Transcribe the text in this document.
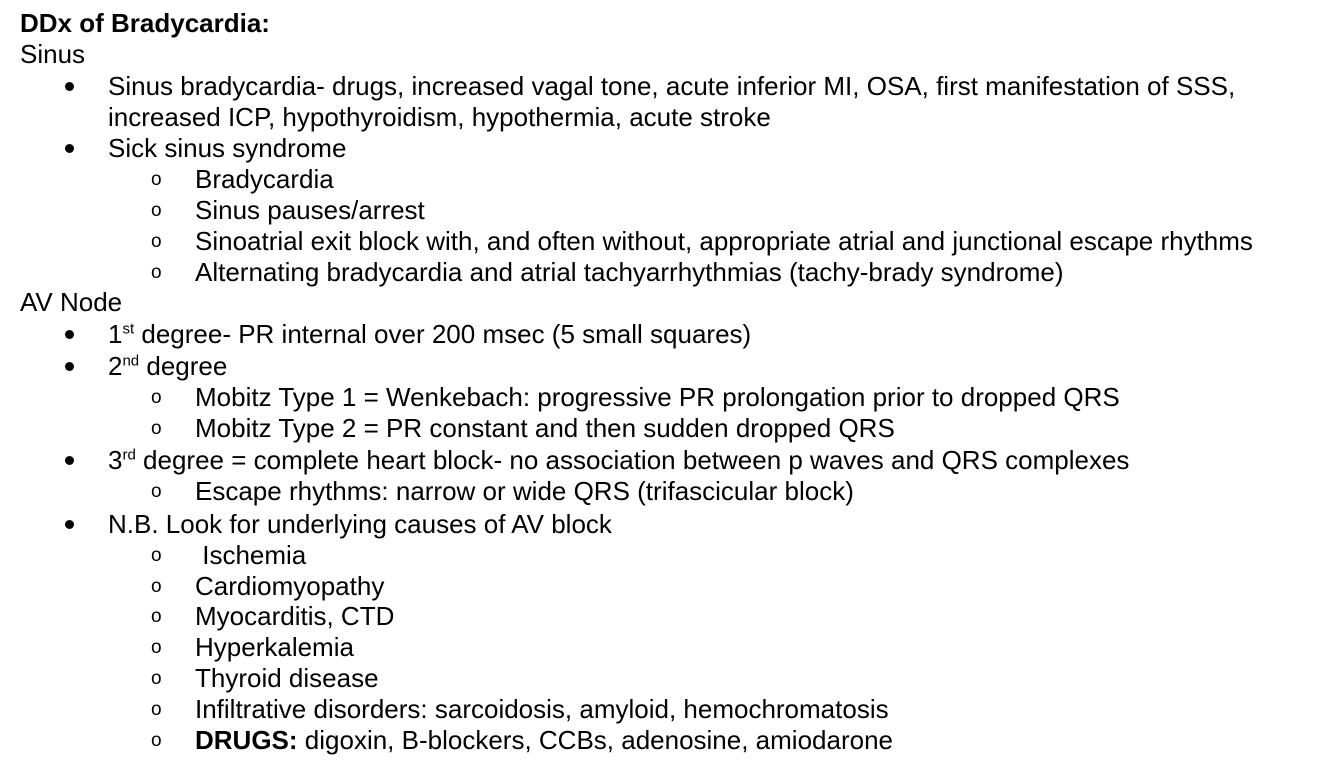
DDx of Bradycardia:
Sinus
Sinus bradycardia- drugs, increased vagal tone, acute inferior MI, OSA, first manifestation of SSS,
increased ICP, hypothyroidism, hypothermia, acute stroke
Sick sinus syndrome
o Bradycardia
o Sinus pauses/arrest
o Sinoatrial exit block with, and often without, appropriate atrial and junctional escape rhythms
o Alternating bradycardia and atrial tachyarrhythmias (tachy-brady syndrome)
AV Node
1st degree- PR internal over 200 msec (5 small squares)
2nd degree
o Mobitz Type 1 = Wenkebach: progressive PR prolongation prior to dropped QRS
o Mobitz Type 2 = PR constant and then sudden dropped QRS
3rd degree = complete heart block- no association between p waves and QRS complexes
o Escape rhythms: narrow or wide QRS (trifascicular block)
N.B. Look for underlying causes of AV block
o Ischemia
o Cardiomyopathy
o Myocarditis, CTD
o Hyperkalemia
o Thyroid disease
o Infiltrative disorders: sarcoidosis, amyloid, hemochromatosis
o DRUGS: digoxin, B-blockers, CCBs, adenosine, amiodarone
